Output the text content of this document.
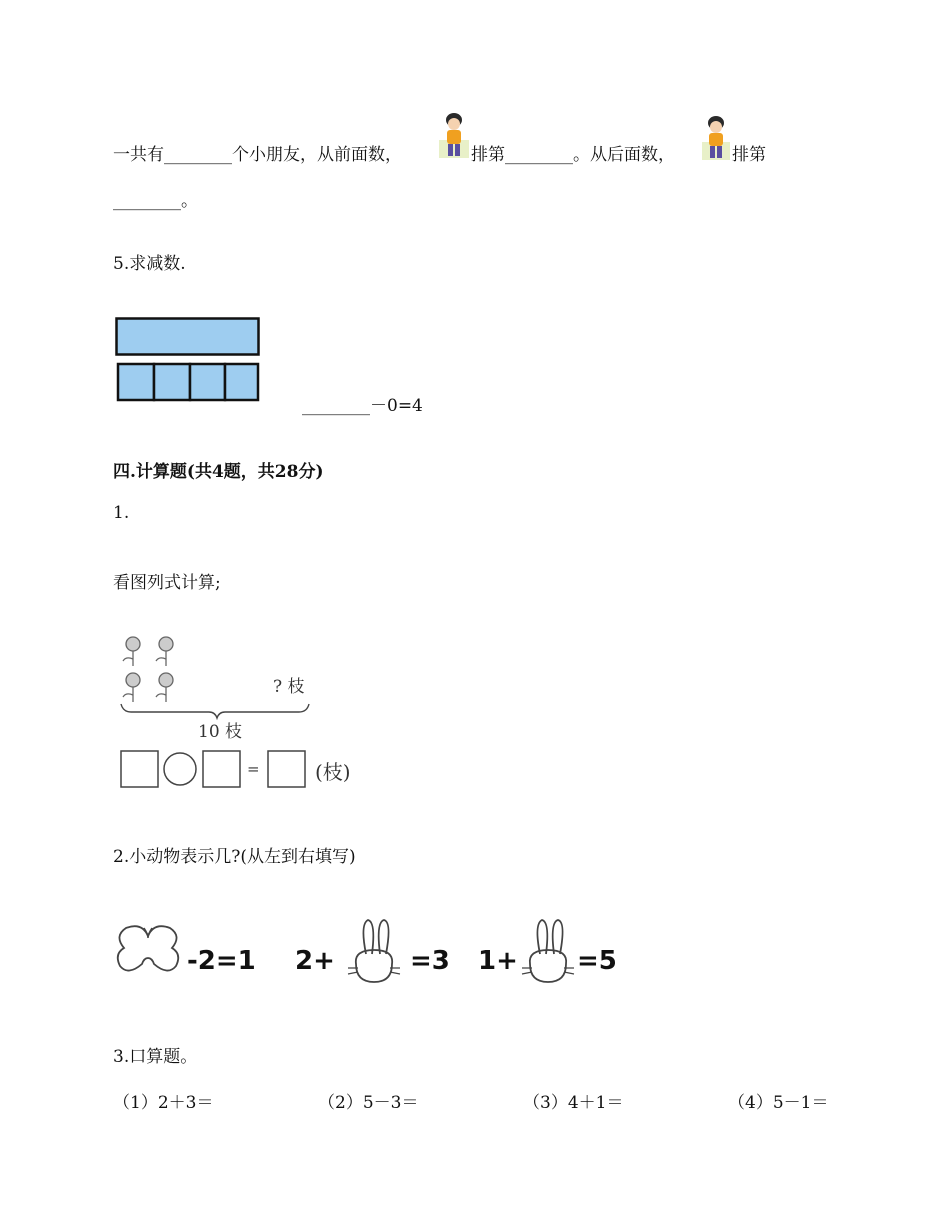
一共有________个小朋友，从前面数，	排第________。从后面数，	排第
________。
5.求减数.
________－0=4
四.计算题(共4题，共28分)
1.
看图列式计算;
? 枝
10 枝
=	(枝)
2.小动物表示几?(从左到右填写)
-2=1 2+	=3 1+ =5
3.口算题。
（1）2＋3＝	（2）5－3＝	（3）4＋1＝	（4）5－1＝
